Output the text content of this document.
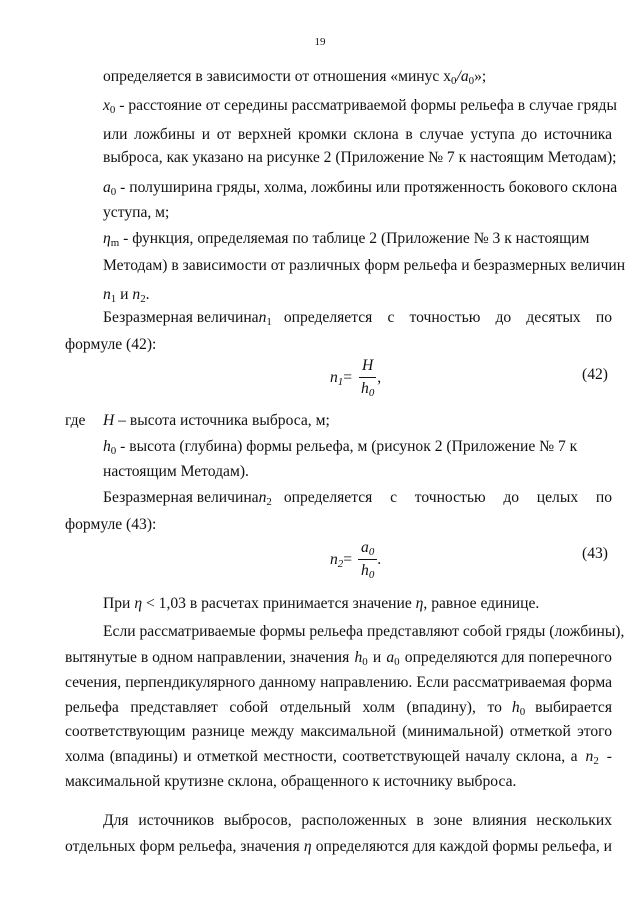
19
определяется в зависимости от отношения «минус $x_0/a_0$»;
$x_0$ - расстояние от середины рассматриваемой формы рельефа в случае гряды
или ложбины и от верхней кромки склона в случае уступа до источника
выброса, как указано на рисунке 2 (Приложение № 7 к настоящим Методам);
$a_0$ - полуширина гряды, холма, ложбины или протяженность бокового склона
уступа, м;
$\eta_m$ - функция, определяемая по таблице 2 (Приложение № 3 к настоящим
Методам) в зависимости от различных форм рельефа и безразмерных величин
$n_1$ и $n_2$.
Безразмерная величина $n_1$ определяется с точностью до десятых по
формуле (42):
$n_1 = \frac{H}{h_0}$ ,	(42)
где H – высота источника выброса, м;
$h_0$ - высота (глубина) формы рельефа, м (рисунок 2 (Приложение № 7 к
настоящим Методам).
Безразмерная величина $n_2$ определяется с точностью до целых по
формуле (43):
$n_2 = \frac{a_0}{h_0}$ .	(43)
При η < 1,03 в расчетах принимается значение η, равное единице.
Если рассматриваемые формы рельефа представляют собой гряды (ложбины),
вытянутые в одном направлении, значения $h_0$ и $a_0$ определяются для поперечного
сечения, перпендикулярного данному направлению. Если рассматриваемая форма
рельефа представляет собой отдельный холм (впадину), то $h_0$ выбирается
соответствующим разнице между максимальной (минимальной) отметкой этого
холма (впадины) и отметкой местности, соответствующей началу склона, а $n_2$ -
максимальной крутизне склона, обращенного к источнику выброса.
Для источников выбросов, расположенных в зоне влияния нескольких
отдельных форм рельефа, значения η определяются для каждой формы рельефа, и
